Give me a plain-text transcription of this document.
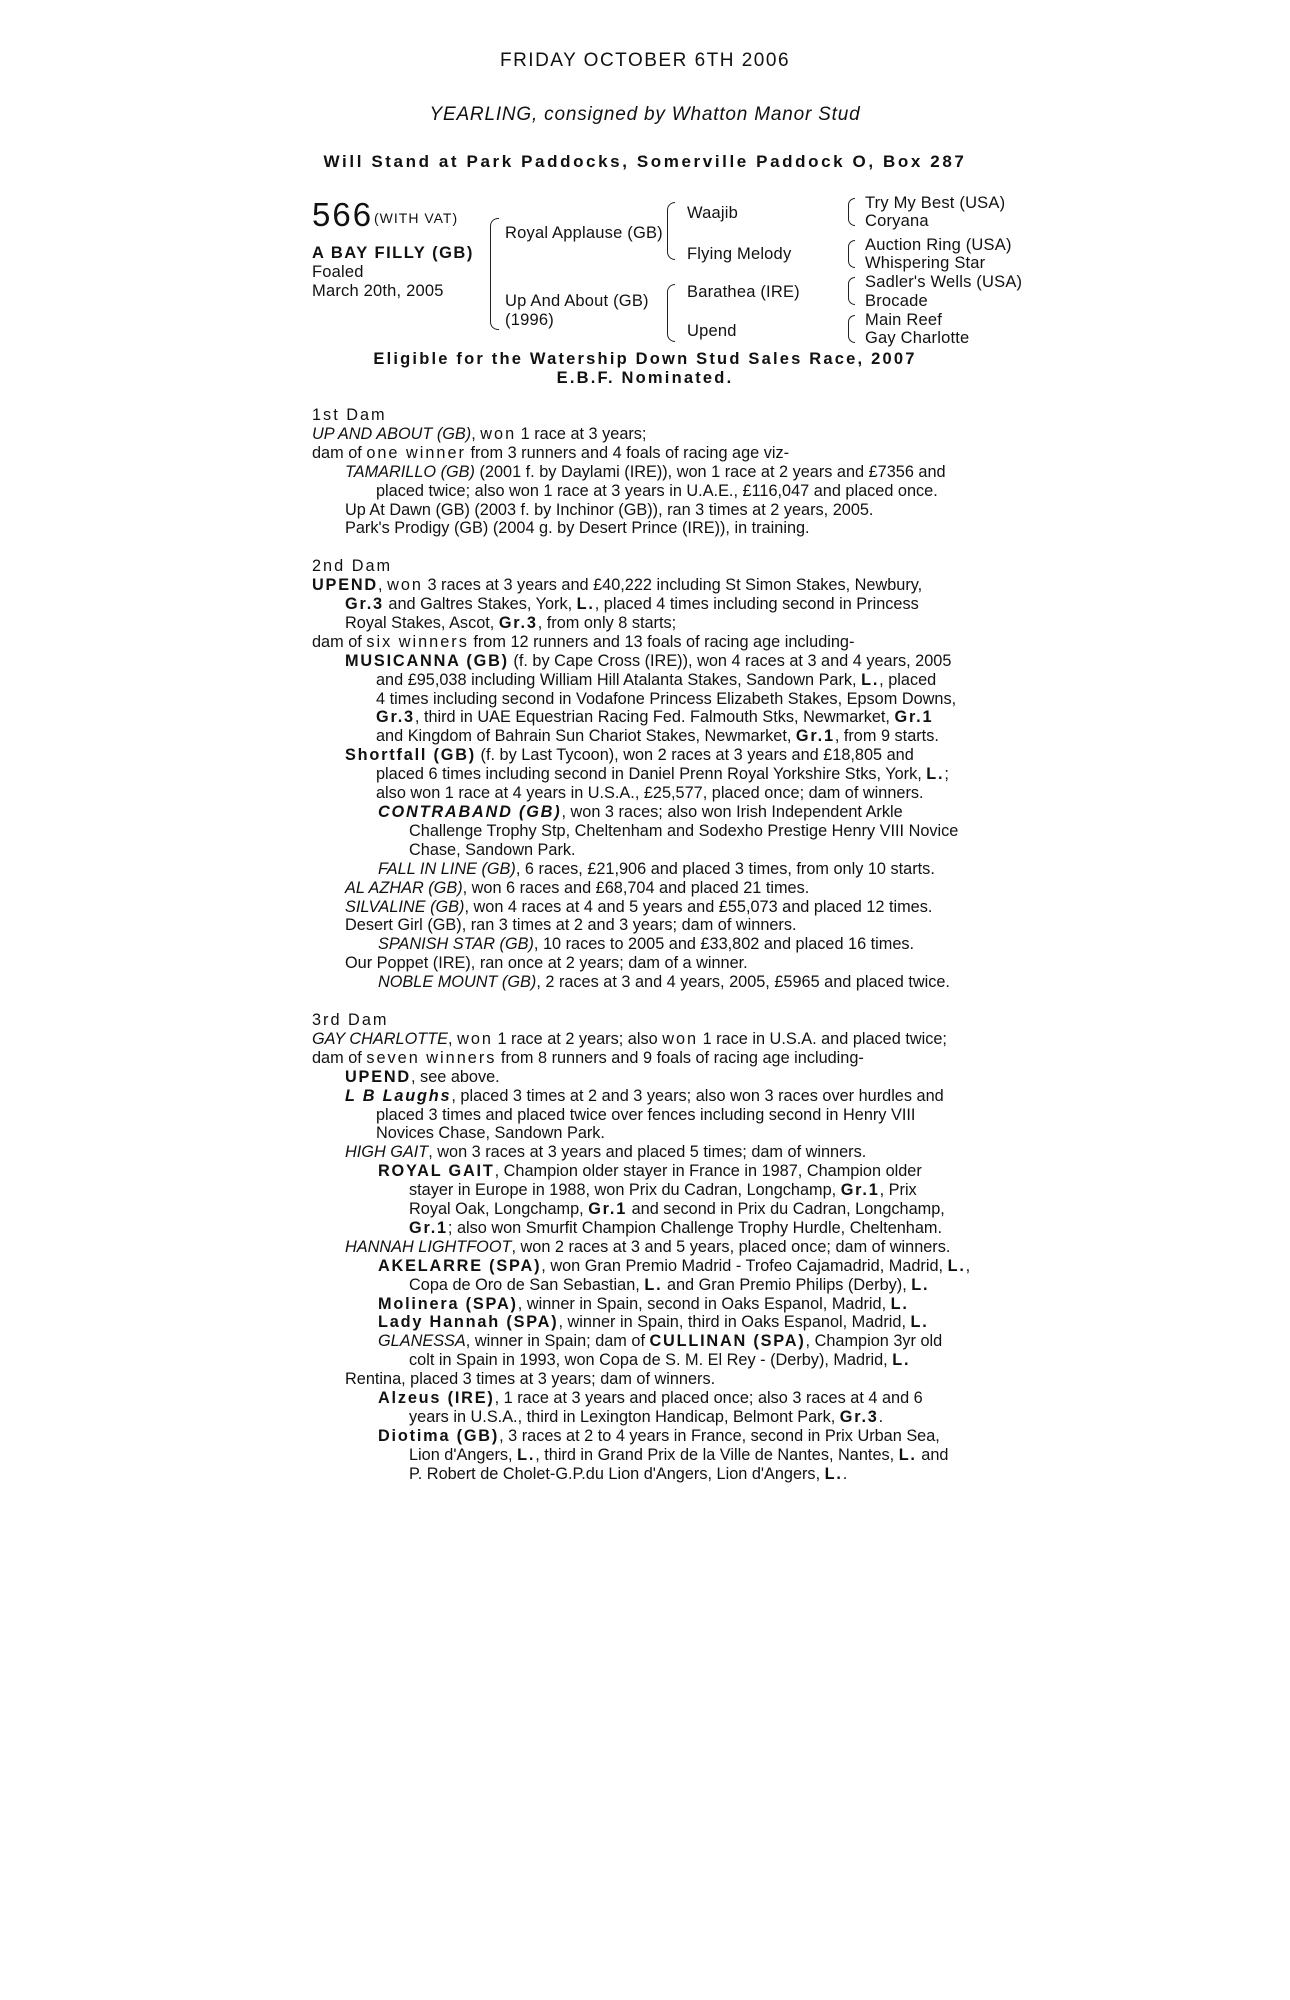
FRIDAY OCTOBER 6TH 2006
YEARLING, consigned by Whatton Manor Stud
Will Stand at Park Paddocks, Somerville Paddock O, Box 287
566 (WITH VAT)
A BAY FILLY (GB)
Foaled
March 20th, 2005
Royal Applause (GB)
Up And About (GB)
(1996)
Waajib
Flying Melody
Barathea (IRE)
Upend
Try My Best (USA)
Coryana
Auction Ring (USA)
Whispering Star
Sadler's Wells (USA)
Brocade
Main Reef
Gay Charlotte
Eligible for the Watership Down Stud Sales Race, 2007
E.B.F. Nominated.
1st Dam
UP AND ABOUT (GB), won 1 race at 3 years;
dam of one winner from 3 runners and 4 foals of racing age viz-
TAMARILLO (GB) (2001 f. by Daylami (IRE)), won 1 race at 2 years and £7356 and
placed twice; also won 1 race at 3 years in U.A.E., £116,047 and placed once.
Up At Dawn (GB) (2003 f. by Inchinor (GB)), ran 3 times at 2 years, 2005.
Park's Prodigy (GB) (2004 g. by Desert Prince (IRE)), in training.
2nd Dam
UPEND, won 3 races at 3 years and £40,222 including St Simon Stakes, Newbury,
Gr.3 and Galtres Stakes, York, L., placed 4 times including second in Princess
Royal Stakes, Ascot, Gr.3, from only 8 starts;
dam of six winners from 12 runners and 13 foals of racing age including-
MUSICANNA (GB) (f. by Cape Cross (IRE)), won 4 races at 3 and 4 years, 2005
and £95,038 including William Hill Atalanta Stakes, Sandown Park, L., placed
4 times including second in Vodafone Princess Elizabeth Stakes, Epsom Downs,
Gr.3, third in UAE Equestrian Racing Fed. Falmouth Stks, Newmarket, Gr.1
and Kingdom of Bahrain Sun Chariot Stakes, Newmarket, Gr.1, from 9 starts.
Shortfall (GB) (f. by Last Tycoon), won 2 races at 3 years and £18,805 and
placed 6 times including second in Daniel Prenn Royal Yorkshire Stks, York, L.;
also won 1 race at 4 years in U.S.A., £25,577, placed once; dam of winners.
CONTRABAND (GB), won 3 races; also won Irish Independent Arkle
Challenge Trophy Stp, Cheltenham and Sodexho Prestige Henry VIII Novice
Chase, Sandown Park.
FALL IN LINE (GB), 6 races, £21,906 and placed 3 times, from only 10 starts.
AL AZHAR (GB), won 6 races and £68,704 and placed 21 times.
SILVALINE (GB), won 4 races at 4 and 5 years and £55,073 and placed 12 times.
Desert Girl (GB), ran 3 times at 2 and 3 years; dam of winners.
SPANISH STAR (GB), 10 races to 2005 and £33,802 and placed 16 times.
Our Poppet (IRE), ran once at 2 years; dam of a winner.
NOBLE MOUNT (GB), 2 races at 3 and 4 years, 2005, £5965 and placed twice.
3rd Dam
GAY CHARLOTTE, won 1 race at 2 years; also won 1 race in U.S.A. and placed twice;
dam of seven winners from 8 runners and 9 foals of racing age including-
UPEND, see above.
L B Laughs, placed 3 times at 2 and 3 years; also won 3 races over hurdles and
placed 3 times and placed twice over fences including second in Henry VIII
Novices Chase, Sandown Park.
HIGH GAIT, won 3 races at 3 years and placed 5 times; dam of winners.
ROYAL GAIT, Champion older stayer in France in 1987, Champion older
stayer in Europe in 1988, won Prix du Cadran, Longchamp, Gr.1, Prix
Royal Oak, Longchamp, Gr.1 and second in Prix du Cadran, Longchamp,
Gr.1; also won Smurfit Champion Challenge Trophy Hurdle, Cheltenham.
HANNAH LIGHTFOOT, won 2 races at 3 and 5 years, placed once; dam of winners.
AKELARRE (SPA), won Gran Premio Madrid - Trofeo Cajamadrid, Madrid, L.,
Copa de Oro de San Sebastian, L. and Gran Premio Philips (Derby), L.
Molinera (SPA), winner in Spain, second in Oaks Espanol, Madrid, L.
Lady Hannah (SPA), winner in Spain, third in Oaks Espanol, Madrid, L.
GLANESSA, winner in Spain; dam of CULLINAN (SPA), Champion 3yr old
colt in Spain in 1993, won Copa de S. M. El Rey - (Derby), Madrid, L.
Rentina, placed 3 times at 3 years; dam of winners.
Alzeus (IRE), 1 race at 3 years and placed once; also 3 races at 4 and 6
years in U.S.A., third in Lexington Handicap, Belmont Park, Gr.3.
Diotima (GB), 3 races at 2 to 4 years in France, second in Prix Urban Sea,
Lion d'Angers, L., third in Grand Prix de la Ville de Nantes, Nantes, L. and
P. Robert de Cholet-G.P.du Lion d'Angers, Lion d'Angers, L..
